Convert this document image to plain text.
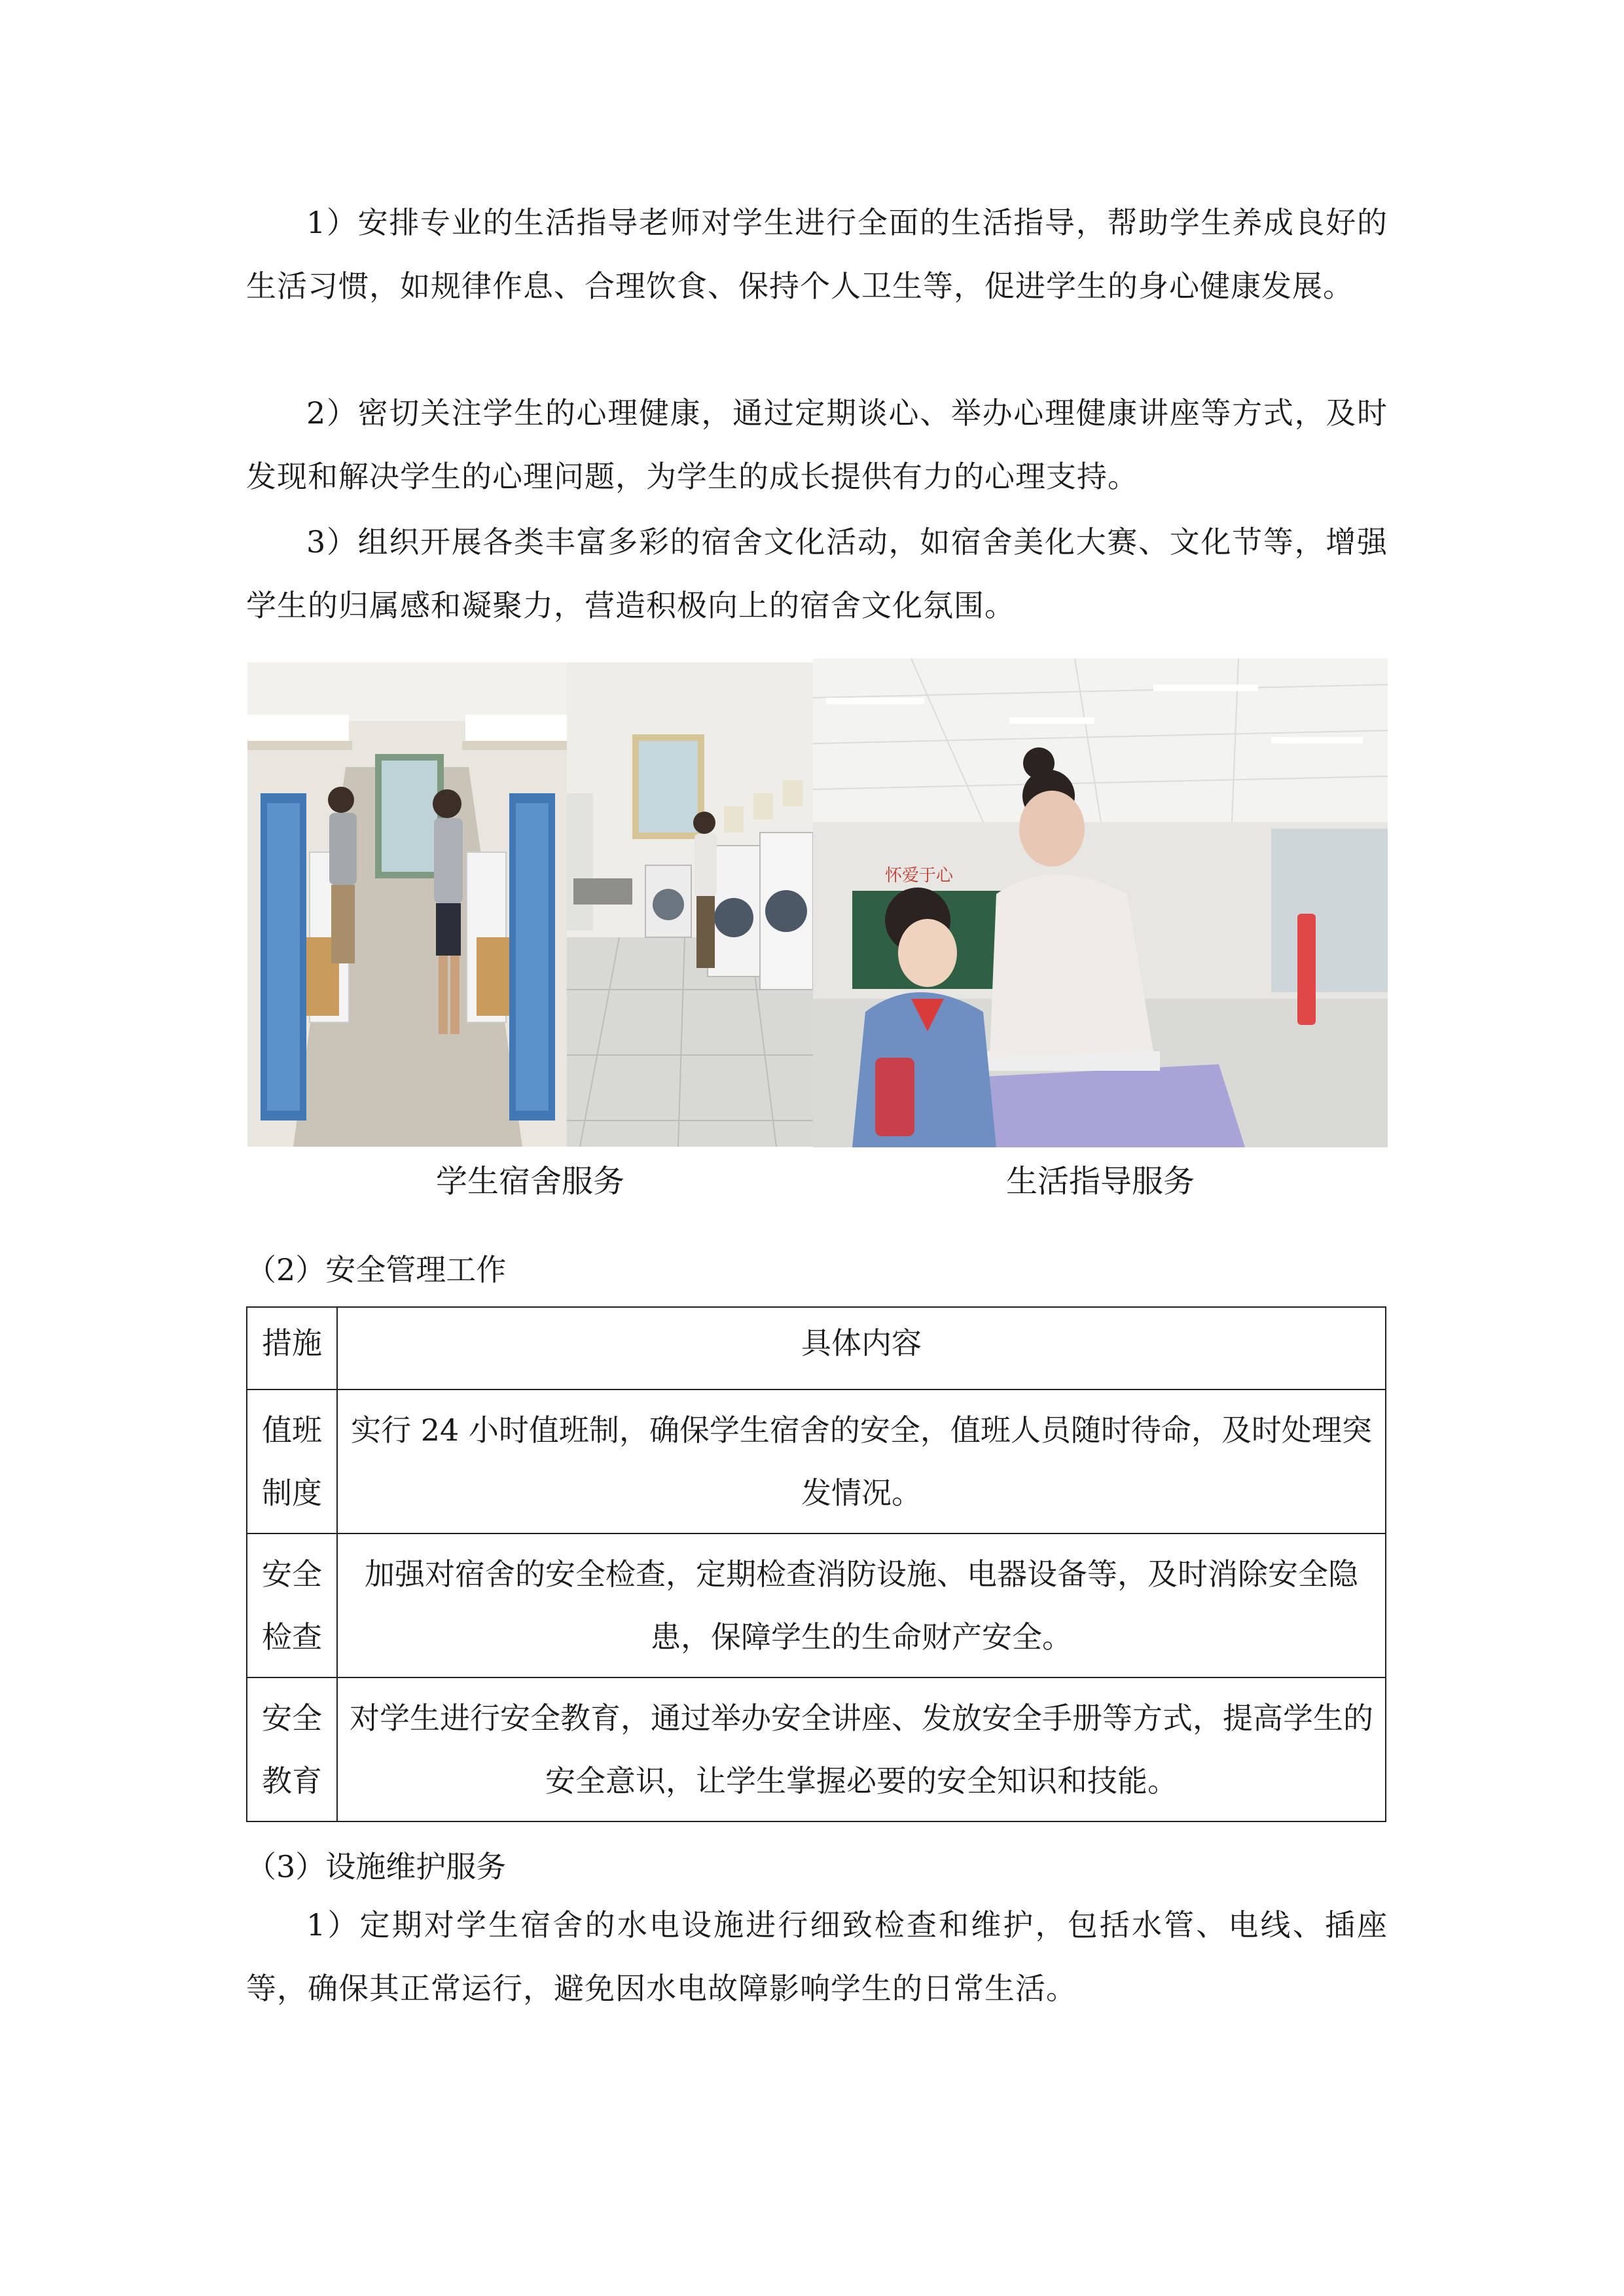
1）安排专业的生活指导老师对学生进行全面的生活指导，帮助学生养成良好的生活习惯，如规律作息、合理饮食、保持个人卫生等，促进学生的身心健康发展。

2）密切关注学生的心理健康，通过定期谈心、举办心理健康讲座等方式，及时发现和解决学生的心理问题，为学生的成长提供有力的心理支持。

3）组织开展各类丰富多彩的宿舍文化活动，如宿舍美化大赛、文化节等，增强学生的归属感和凝聚力，营造积极向上的宿舍文化氛围。

怀爱于心
学生宿舍服务	生活指导服务

（2）安全管理工作

措施	具体内容
值班制度	实行 24 小时值班制，确保学生宿舍的安全，值班人员随时待命，及时处理突发情况。
安全检查	加强对宿舍的安全检查，定期检查消防设施、电器设备等，及时消除安全隐患，保障学生的生命财产安全。
安全教育	对学生进行安全教育，通过举办安全讲座、发放安全手册等方式，提高学生的安全意识，让学生掌握必要的安全知识和技能。

（3）设施维护服务

1）定期对学生宿舍的水电设施进行细致检查和维护，包括水管、电线、插座等，确保其正常运行，避免因水电故障影响学生的日常生活。
